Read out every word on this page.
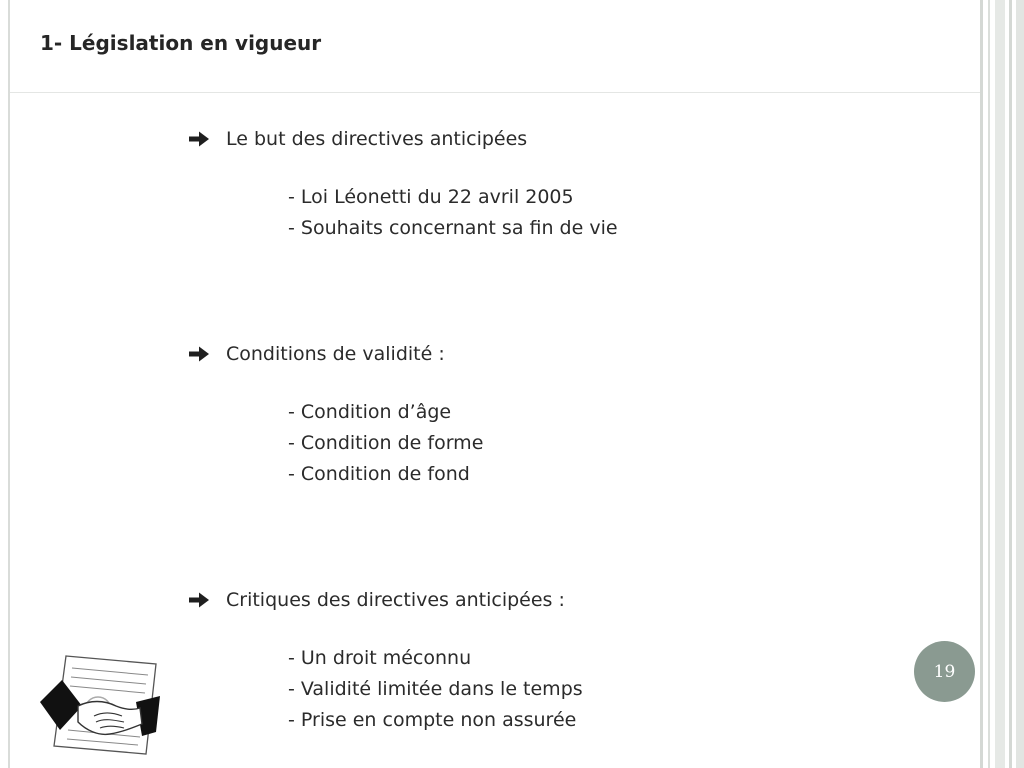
1- Législation en vigueur
Le but des directives anticipées
- Loi Léonetti du 22 avril 2005
- Souhaits concernant sa fin de vie
Conditions de validité :
- Condition d’âge
- Condition de forme
- Condition de fond
Critiques des directives anticipées :
- Un droit méconnu
- Validité limitée dans le temps
- Prise en compte non assurée
19
